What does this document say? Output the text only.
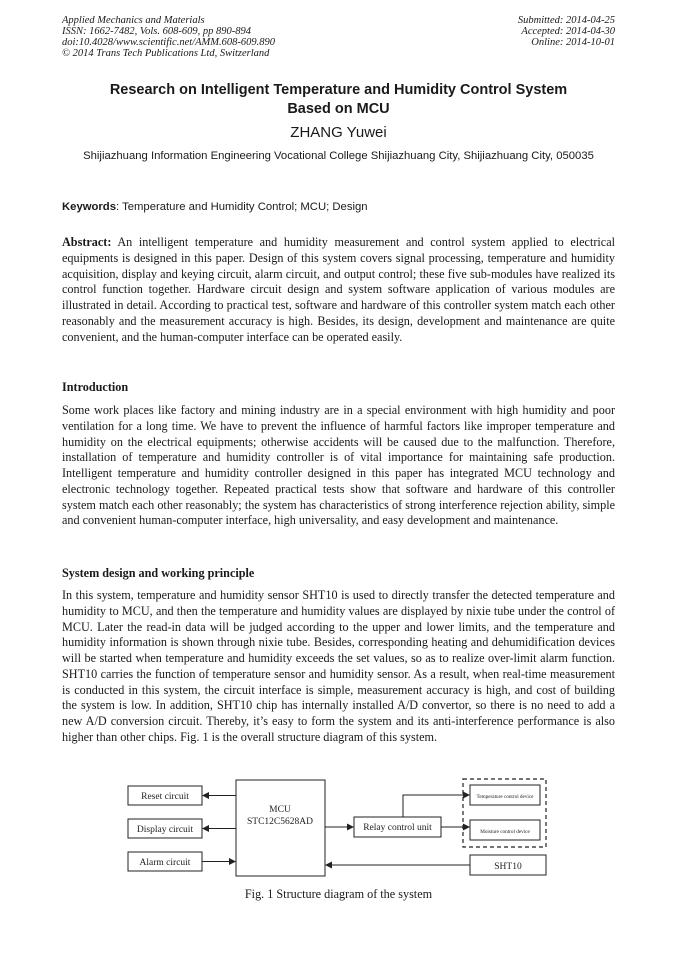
Applied Mechanics and Materials
ISSN: 1662-7482, Vols. 608-609, pp 890-894
doi:10.4028/www.scientific.net/AMM.608-609.890
© 2014 Trans Tech Publications Ltd, Switzerland
Submitted: 2014-04-25
Accepted: 2014-04-30
Online: 2014-10-01
Research on Intelligent Temperature and Humidity Control System
Based on MCU
ZHANG Yuwei
Shijiazhuang Information Engineering Vocational College Shijiazhuang City, Shijiazhuang City, 050035
Keywords: Temperature and Humidity Control; MCU; Design

Abstract: An intelligent temperature and humidity measurement and control system applied to electrical equipments is designed in this paper. Design of this system covers signal processing, temperature and humidity acquisition, display and keying circuit, alarm circuit, and output control; these five sub-modules have realized its control function together. Hardware circuit design and system software application of various modules are illustrated in detail. According to practical test, software and hardware of this controller system match each other reasonably and the measurement accuracy is high. Besides, its design, development and maintenance are quite convenient, and the human-computer interface can be operated easily.

Introduction

Some work places like factory and mining industry are in a special environment with high humidity and poor ventilation for a long time. We have to prevent the influence of harmful factors like improper temperature and humidity on the electrical equipments; otherwise accidents will be caused due to the malfunction. Therefore, installation of temperature and humidity controller is of vital importance for maintaining safe production. Intelligent temperature and humidity controller designed in this paper has integrated MCU technology and electronic technology together. Repeated practical tests show that software and hardware of this controller system match each other reasonably; the system has characteristics of strong interference rejection ability, simple and convenient human-computer interface, high universality, and easy development and maintenance.

System design and working principle

In this system, temperature and humidity sensor SHT10 is used to directly transfer the detected temperature and humidity to MCU, and then the temperature and humidity values are displayed by nixie tube under the control of MCU. Later the read-in data will be judged according to the upper and lower limits, and the temperature and humidity information is shown through nixie tube. Besides, corresponding heating and dehumidification devices will be started when temperature and humidity exceeds the set values, so as to realize over-limit alarm function. SHT10 carries the function of temperature sensor and humidity sensor. As a result, when real-time measurement is conducted in this system, the circuit interface is simple, measurement accuracy is high, and cost of building the system is low. In addition, SHT10 chip has internally installed A/D convertor, so there is no need to add a new A/D conversion circuit. Thereby, it’s easy to form the system and its anti-interference performance is also higher than other chips. Fig. 1 is the overall structure diagram of this system.

Reset circuit
Display circuit
Alarm circuit
MCU
STC12C5628AD
Relay control unit
Temperature control device
Moisture control device
SHT10
Fig. 1 Structure diagram of the system
